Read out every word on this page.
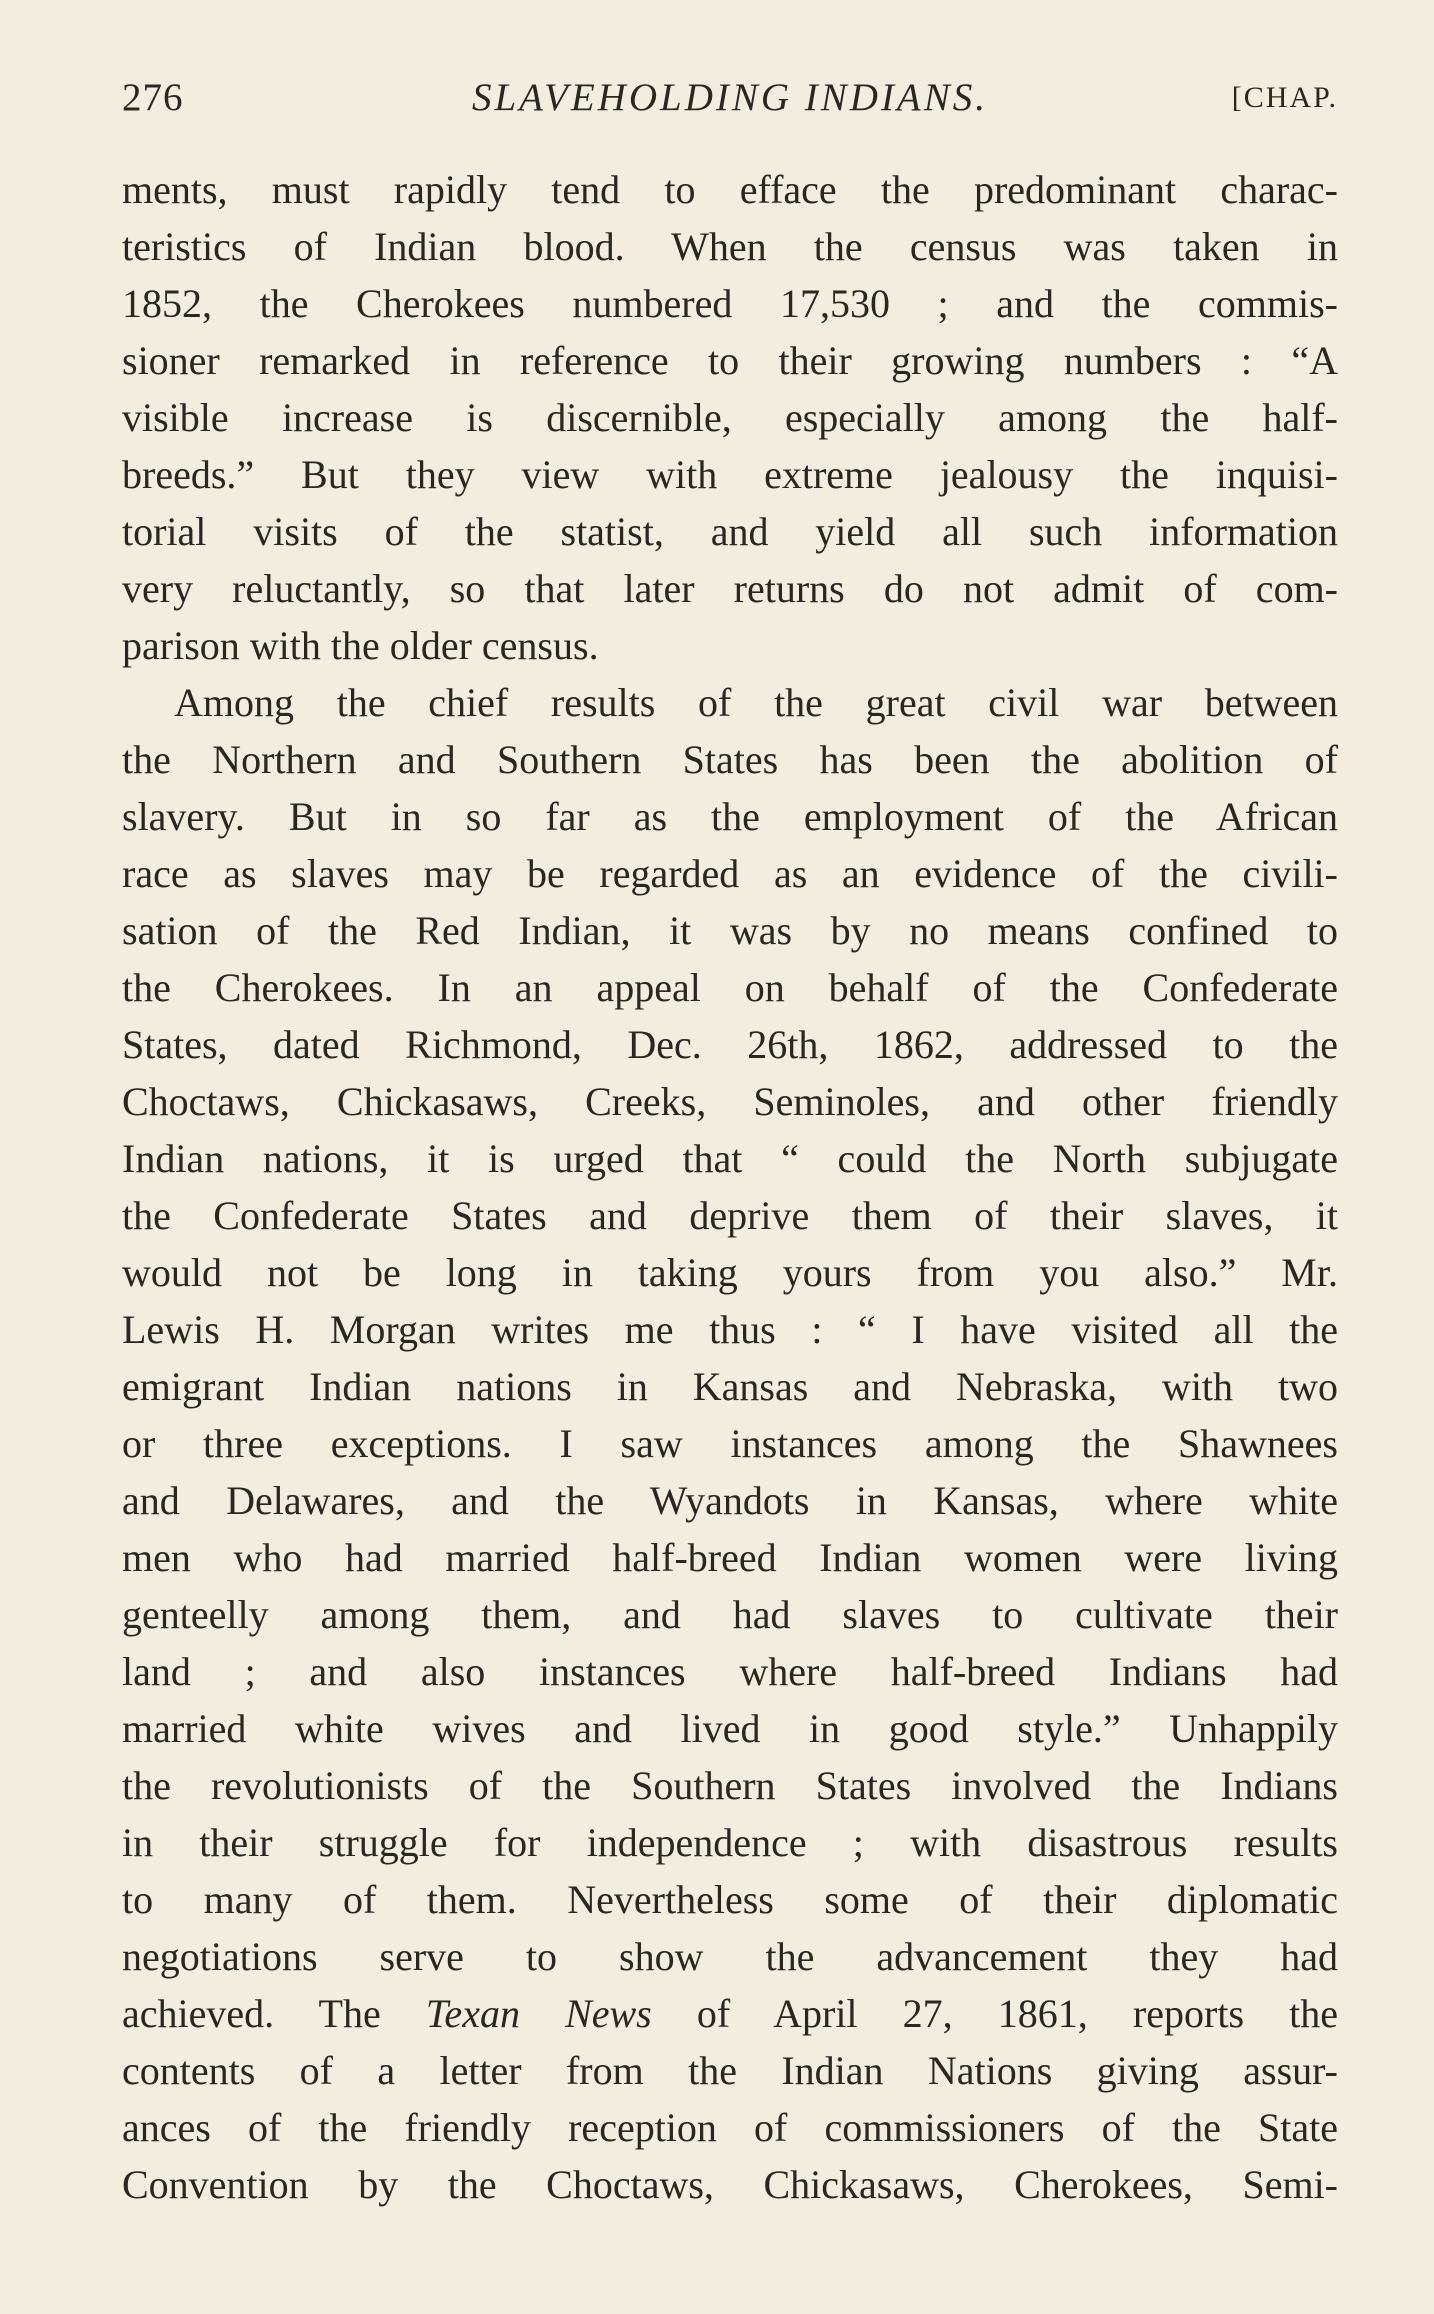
276	SLAVEHOLDING INDIANS.	[CHAP.
ments, must rapidly tend to efface the predominant charac-
teristics of Indian blood. When the census was taken in
1852, the Cherokees numbered 17,530 ; and the commis-
sioner remarked in reference to their growing numbers : “A
visible increase is discernible, especially among the half-
breeds.” But they view with extreme jealousy the inquisi-
torial visits of the statist, and yield all such information
very reluctantly, so that later returns do not admit of com-
parison with the older census.
Among the chief results of the great civil war between
the Northern and Southern States has been the abolition of
slavery. But in so far as the employment of the African
race as slaves may be regarded as an evidence of the civili-
sation of the Red Indian, it was by no means confined to
the Cherokees. In an appeal on behalf of the Confederate
States, dated Richmond, Dec. 26th, 1862, addressed to the
Choctaws, Chickasaws, Creeks, Seminoles, and other friendly
Indian nations, it is urged that “ could the North subjugate
the Confederate States and deprive them of their slaves, it
would not be long in taking yours from you also.” Mr.
Lewis H. Morgan writes me thus : “ I have visited all the
emigrant Indian nations in Kansas and Nebraska, with two
or three exceptions. I saw instances among the Shawnees
and Delawares, and the Wyandots in Kansas, where white
men who had married half-breed Indian women were living
genteelly among them, and had slaves to cultivate their
land ; and also instances where half-breed Indians had
married white wives and lived in good style.” Unhappily
the revolutionists of the Southern States involved the Indians
in their struggle for independence ; with disastrous results
to many of them. Nevertheless some of their diplomatic
negotiations serve to show the advancement they had
achieved. The Texan News of April 27, 1861, reports the
contents of a letter from the Indian Nations giving assur-
ances of the friendly reception of commissioners of the State
Convention by the Choctaws, Chickasaws, Cherokees, Semi-
